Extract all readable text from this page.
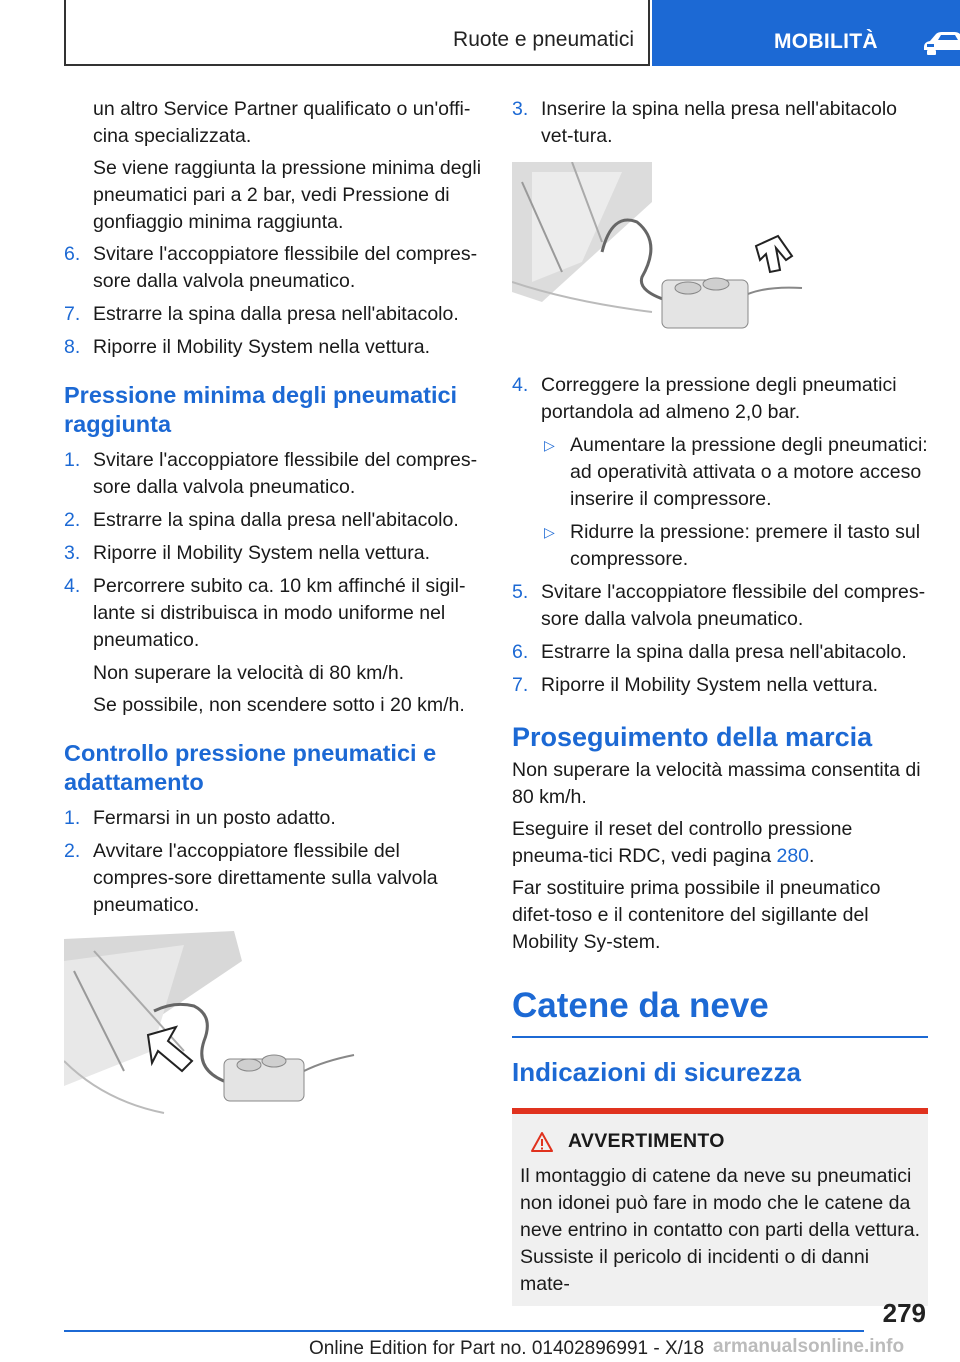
Ruote e pneumatici	MOBILITÀ

un altro Service Partner qualificato o un'offi-cina specializzata.

Se viene raggiunta la pressione minima degli pneumatici pari a 2 bar, vedi Pressione di gonfiaggio minima raggiunta.

6. Svitare l'accoppiatore flessibile del compres-sore dalla valvola pneumatico.
7. Estrarre la spina dalla presa nell'abitacolo.
8. Riporre il Mobility System nella vettura.
Pressione minima degli pneumatici raggiunta
1. Svitare l'accoppiatore flessibile del compres-sore dalla valvola pneumatico.
2. Estrarre la spina dalla presa nell'abitacolo.
3. Riporre il Mobility System nella vettura.
4. Percorrere subito ca. 10 km affinché il sigil-lante si distribuisca in modo uniforme nel pneumatico.

Non superare la velocità di 80 km/h.

Se possibile, non scendere sotto i 20 km/h.

Controllo pressione pneumatici e adattamento
1. Fermarsi in un posto adatto.
2. Avvitare l'accoppiatore flessibile del compres-sore direttamente sulla valvola pneumatico.
3. Inserire la spina nella presa nell'abitacolo vet-tura.
4. Correggere la pressione degli pneumatici portandola ad almeno 2,0 bar.
▷ Aumentare la pressione degli pneumatici: ad operatività attivata o a motore acceso inserire il compressore.
▷ Ridurre la pressione: premere il tasto sul compressore.
5. Svitare l'accoppiatore flessibile del compres-sore dalla valvola pneumatico.
6. Estrarre la spina dalla presa nell'abitacolo.
7. Riporre il Mobility System nella vettura.
Proseguimento della marcia

Non superare la velocità massima consentita di 80 km/h.

Eseguire il reset del controllo pressione pneuma-tici RDC, vedi pagina 280.

Far sostituire prima possibile il pneumatico difet-toso e il contenitore del sigillante del Mobility Sy-stem.

Catene da neve
Indicazioni di sicurezza
AVVERTIMENTO

Il montaggio di catene da neve su pneumatici non idonei può fare in modo che le catene da neve entrino in contatto con parti della vettura. Sussiste il pericolo di incidenti o di danni mate-

279
Online Edition for Part no. 01402896991 - X/18 armanualsonline.info
